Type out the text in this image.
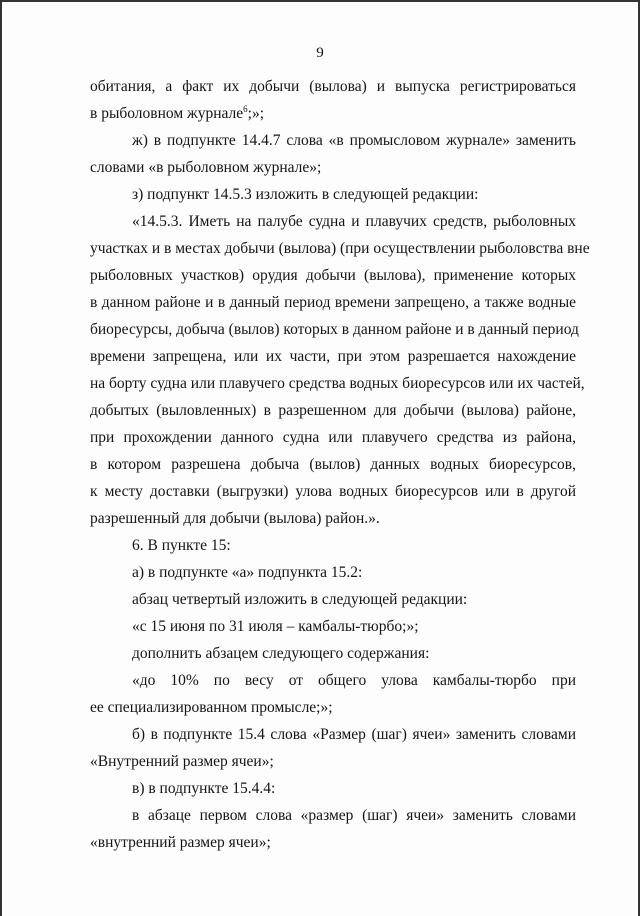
9
обитания, а факт их добычи (вылова) и выпуска регистрироваться
в рыболовном журнале$^6$;»;
ж) в подпункте 14.4.7 слова «в промысловом журнале» заменить
словами «в рыболовном журнале»;
з) подпункт 14.5.3 изложить в следующей редакции:
«14.5.3. Иметь на палубе судна и плавучих средств, рыболовных
участках и в местах добычи (вылова) (при осуществлении рыболовства вне
рыболовных участков) орудия добычи (вылова), применение которых
в данном районе и в данный период времени запрещено, а также водные
биоресурсы, добыча (вылов) которых в данном районе и в данный период
времени запрещена, или их части, при этом разрешается нахождение
на борту судна или плавучего средства водных биоресурсов или их частей,
добытых (выловленных) в разрешенном для добычи (вылова) районе,
при прохождении данного судна или плавучего средства из района,
в котором разрешена добыча (вылов) данных водных биоресурсов,
к месту доставки (выгрузки) улова водных биоресурсов или в другой
разрешенный для добычи (вылова) район.».
6. В пункте 15:
а) в подпункте «а» подпункта 15.2:
абзац четвертый изложить в следующей редакции:
«с 15 июня по 31 июля – камбалы-тюрбо;»;
дополнить абзацем следующего содержания:
«до 10% по весу от общего улова камбалы-тюрбо при
ее специализированном промысле;»;
б) в подпункте 15.4 слова «Размер (шаг) ячеи» заменить словами
«Внутренний размер ячеи»;
в) в подпункте 15.4.4:
в абзаце первом слова «размер (шаг) ячеи» заменить словами
«внутренний размер ячеи»;
